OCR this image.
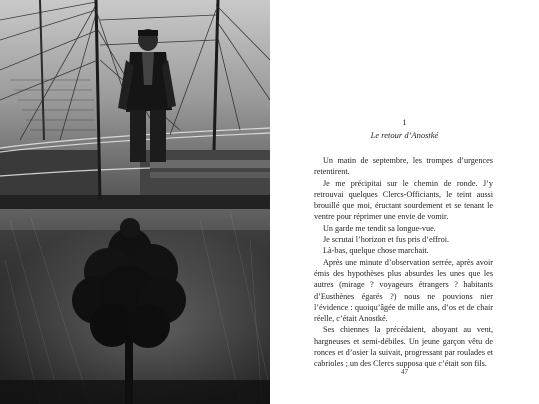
1

Le retour d’Anostké

Un matin de septembre, les trompes d’urgences retentirent.

Je me précipitai sur le chemin de ronde. J’y retrouvai quelques Clercs-Officiants, le teint aussi brouillé que moi, éructant sourdement et se tenant le ventre pour réprimer une envie de vomir.

Un garde me tendit sa longue-vue.

Je scrutai l’horizon et fus pris d’effroi.

Là-bas, quelque chose marchait.

Après une minute d’observation serrée, après avoir émis des hypothèses plus absurdes les unes que les autres (mirage ? voyageurs étrangers ? habitants d’Eusthènes égarés ?) nous ne pouvions nier l’évidence : quoiqu’âgée de mille ans, d’os et de chair réelle, c’était Anostké.

Ses chiennes la précédaient, aboyant au vent, hargneuses et semi-débiles. Un jeune garçon vêtu de ronces et d’osier la suivait, progressant par roulades et cabrioles ; un des Clercs supposa que c’était son fils.

47
